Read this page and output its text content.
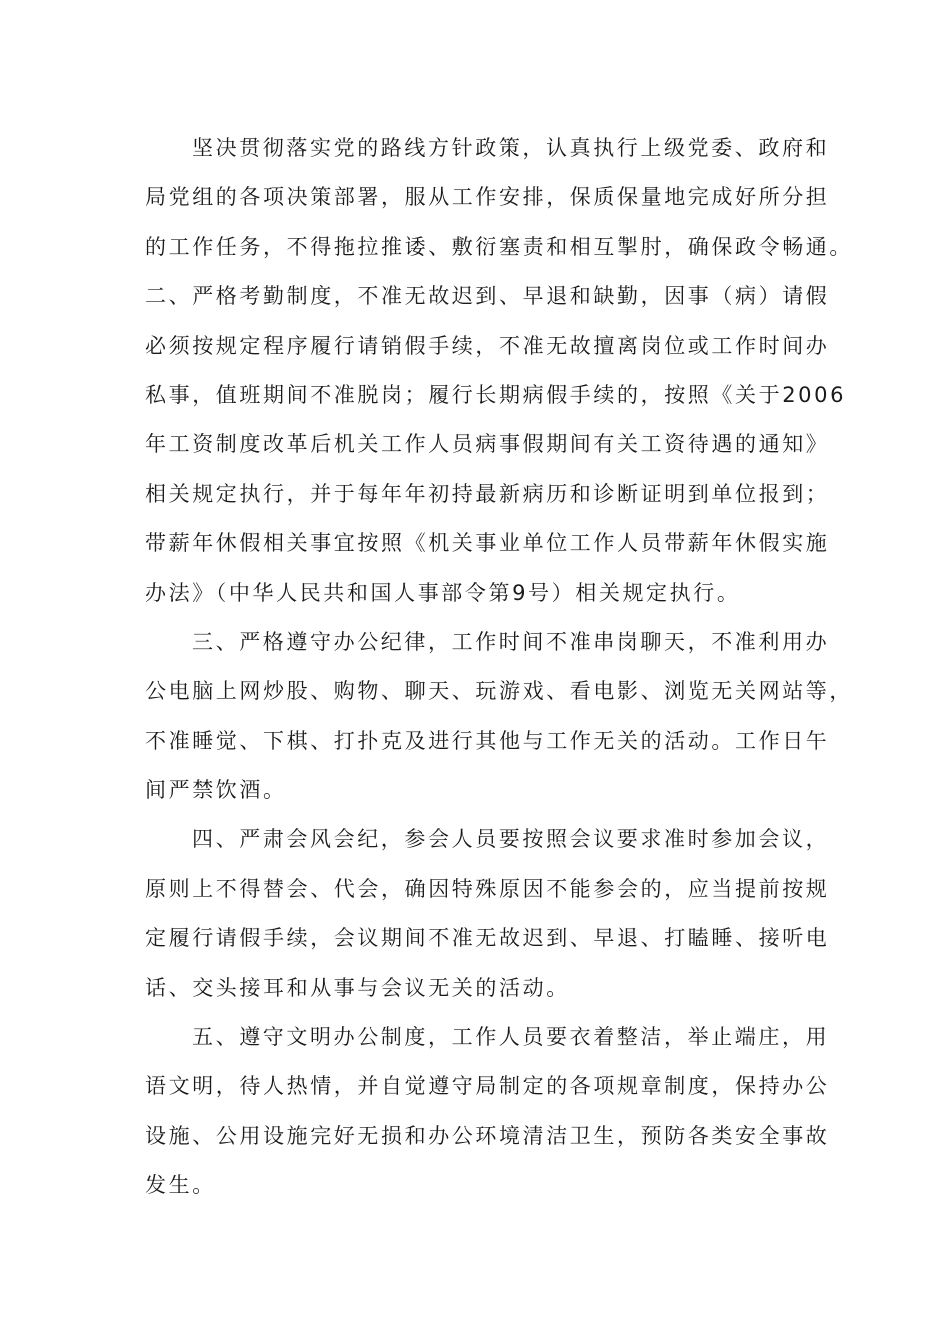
坚决贯彻落实党的路线方针政策，认真执行上级党委、政府和
局党组的各项决策部署，服从工作安排，保质保量地完成好所分担
的工作任务，不得拖拉推诿、敷衍塞责和相互掣肘，确保政令畅通。
二、严格考勤制度，不准无故迟到、早退和缺勤，因事（病）请假
必须按规定程序履行请销假手续，不准无故擅离岗位或工作时间办
私事，值班期间不准脱岗；履行长期病假手续的，按照《关于2006
年工资制度改革后机关工作人员病事假期间有关工资待遇的通知》
相关规定执行，并于每年年初持最新病历和诊断证明到单位报到；
带薪年休假相关事宜按照《机关事业单位工作人员带薪年休假实施
办法》（中华人民共和国人事部令第9号）相关规定执行。
三、严格遵守办公纪律，工作时间不准串岗聊天，不准利用办
公电脑上网炒股、购物、聊天、玩游戏、看电影、浏览无关网站等，
不准睡觉、下棋、打扑克及进行其他与工作无关的活动。工作日午
间严禁饮酒。
四、严肃会风会纪，参会人员要按照会议要求准时参加会议，
原则上不得替会、代会，确因特殊原因不能参会的，应当提前按规
定履行请假手续，会议期间不准无故迟到、早退、打瞌睡、接听电
话、交头接耳和从事与会议无关的活动。
五、遵守文明办公制度，工作人员要衣着整洁，举止端庄，用
语文明，待人热情，并自觉遵守局制定的各项规章制度，保持办公
设施、公用设施完好无损和办公环境清洁卫生，预防各类安全事故
发生。
